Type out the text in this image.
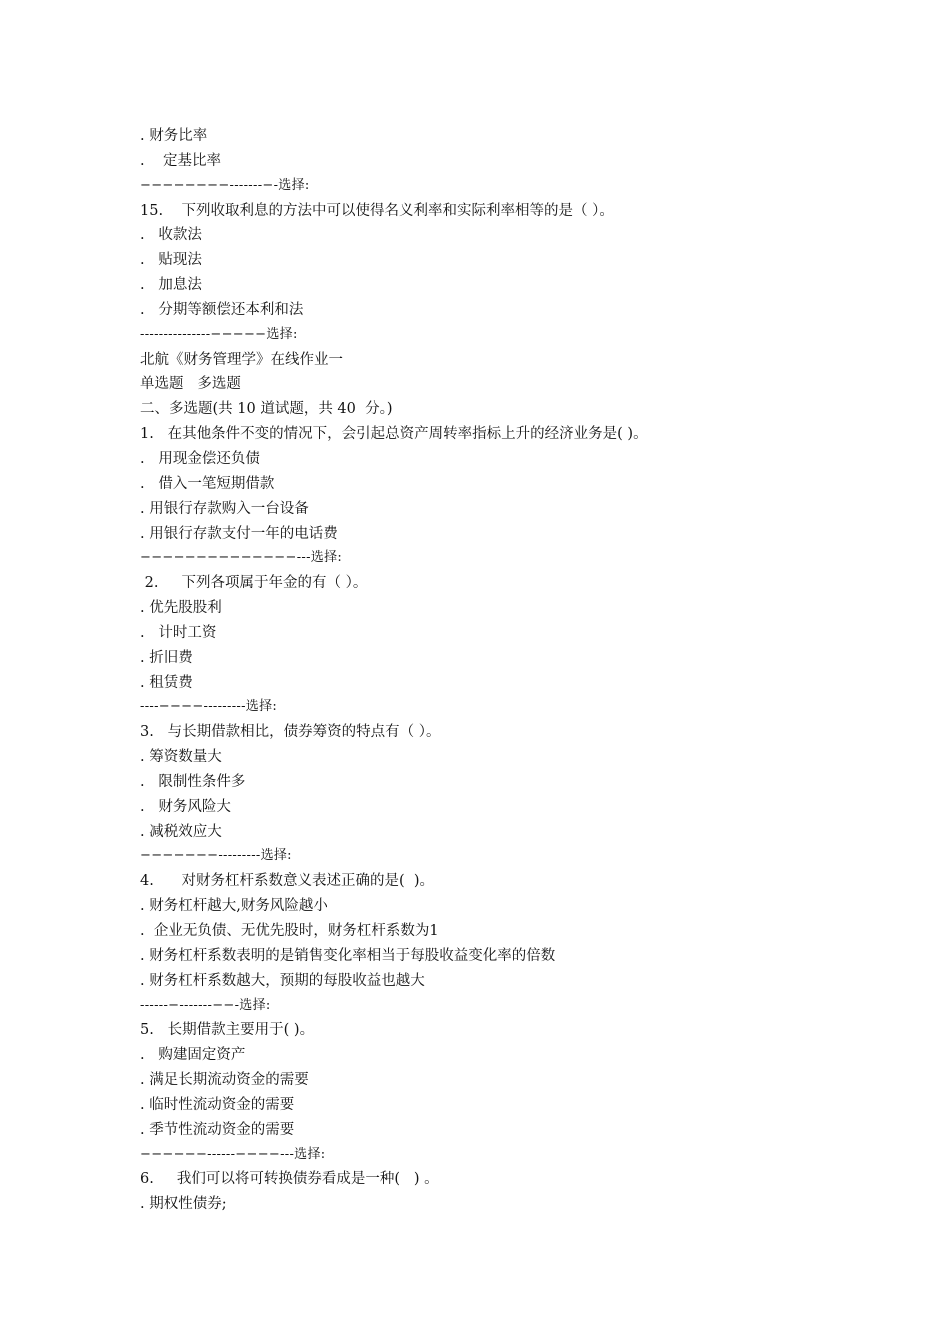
. 财务比率
.    定基比率
−−−−−−−−-------−-选择:
15.    下列收取利息的方法中可以使得名义利率和实际利率相等的是（ ）。
.   收款法
.   贴现法
.   加息法
.   分期等额偿还本利和法
---------------−−−−−选择:
北航《财务管理学》在线作业一
单选题   多选题
二、多选题(共 10 道试题，共 40  分。)
1.   在其他条件不变的情况下，会引起总资产周转率指标上升的经济业务是( )。
.   用现金偿还负债
.   借入一笔短期借款
. 用银行存款购入一台设备
. 用银行存款支付一年的电话费
−−−−−−−−−−−−−−---选择:
2.     下列各项属于年金的有（ ）。
. 优先股股利
.   计时工资
. 折旧费
. 租赁费
----−−−−---------选择:
3.   与长期借款相比，债券筹资的特点有（ ）。
. 筹资数量大
.   限制性条件多
.   财务风险大
. 减税效应大
−−−−−−−---------选择:
4.      对财务杠杆系数意义表述正确的是(  )。
. 财务杠杆越大,财务风险越小
.  企业无负债、无优先股时，财务杠杆系数为1
. 财务杠杆系数表明的是销售变化率相当于每股收益变化率的倍数
. 财务杠杆系数越大，预期的每股收益也越大
------−-------−−-选择:
5.   长期借款主要用于( )。
.   购建固定资产
. 满足长期流动资金的需要
. 临时性流动资金的需要
. 季节性流动资金的需要
−−−−−−------−−−−---选择:
6.     我们可以将可转换债券看成是一种(   ) 。
. 期权性债券;
